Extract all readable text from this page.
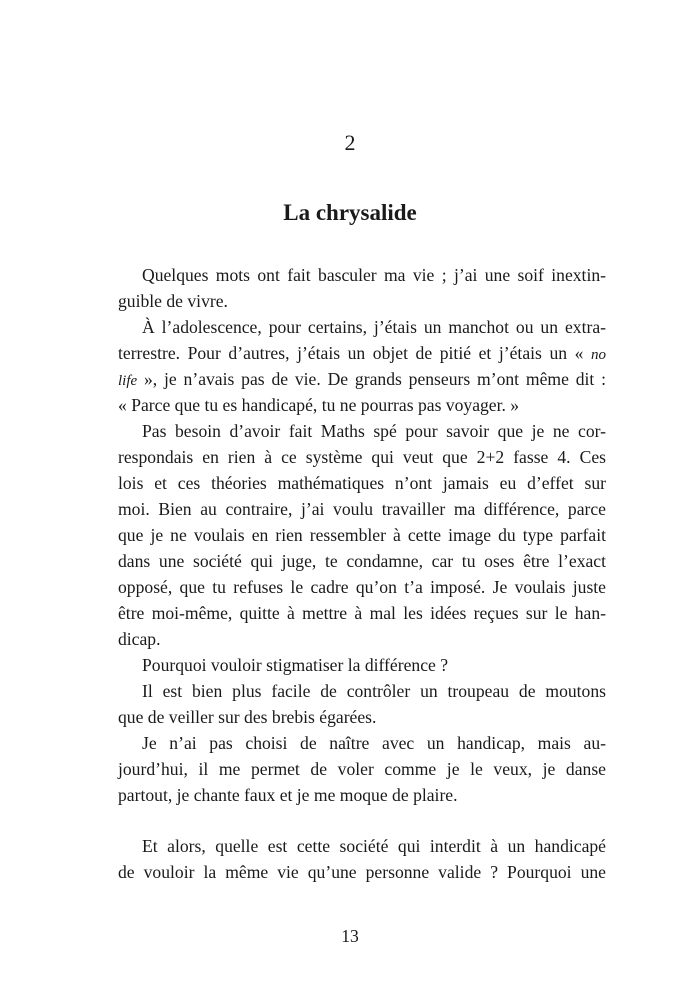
2
La chrysalide
Quelques mots ont fait basculer ma vie ; j’ai une soif inextin-
guible de vivre.
À l’adolescence, pour certains, j’étais un manchot ou un extra-
terrestre. Pour d’autres, j’étais un objet de pitié et j’étais un « no
life », je n’avais pas de vie. De grands penseurs m’ont même dit :
« Parce que tu es handicapé, tu ne pourras pas voyager. »
Pas besoin d’avoir fait Maths spé pour savoir que je ne cor-
respondais en rien à ce système qui veut que 2+2 fasse 4. Ces
lois et ces théories mathématiques n’ont jamais eu d’effet sur
moi. Bien au contraire, j’ai voulu travailler ma différence, parce
que je ne voulais en rien ressembler à cette image du type parfait
dans une société qui juge, te condamne, car tu oses être l’exact
opposé, que tu refuses le cadre qu’on t’a imposé. Je voulais juste
être moi-même, quitte à mettre à mal les idées reçues sur le han-
dicap.
Pourquoi vouloir stigmatiser la différence ?
Il est bien plus facile de contrôler un troupeau de moutons
que de veiller sur des brebis égarées.
Je n’ai pas choisi de naître avec un handicap, mais au-
jourd’hui, il me permet de voler comme je le veux, je danse
partout, je chante faux et je me moque de plaire.
Et alors, quelle est cette société qui interdit à un handicapé
de vouloir la même vie qu’une personne valide ? Pourquoi une
13
